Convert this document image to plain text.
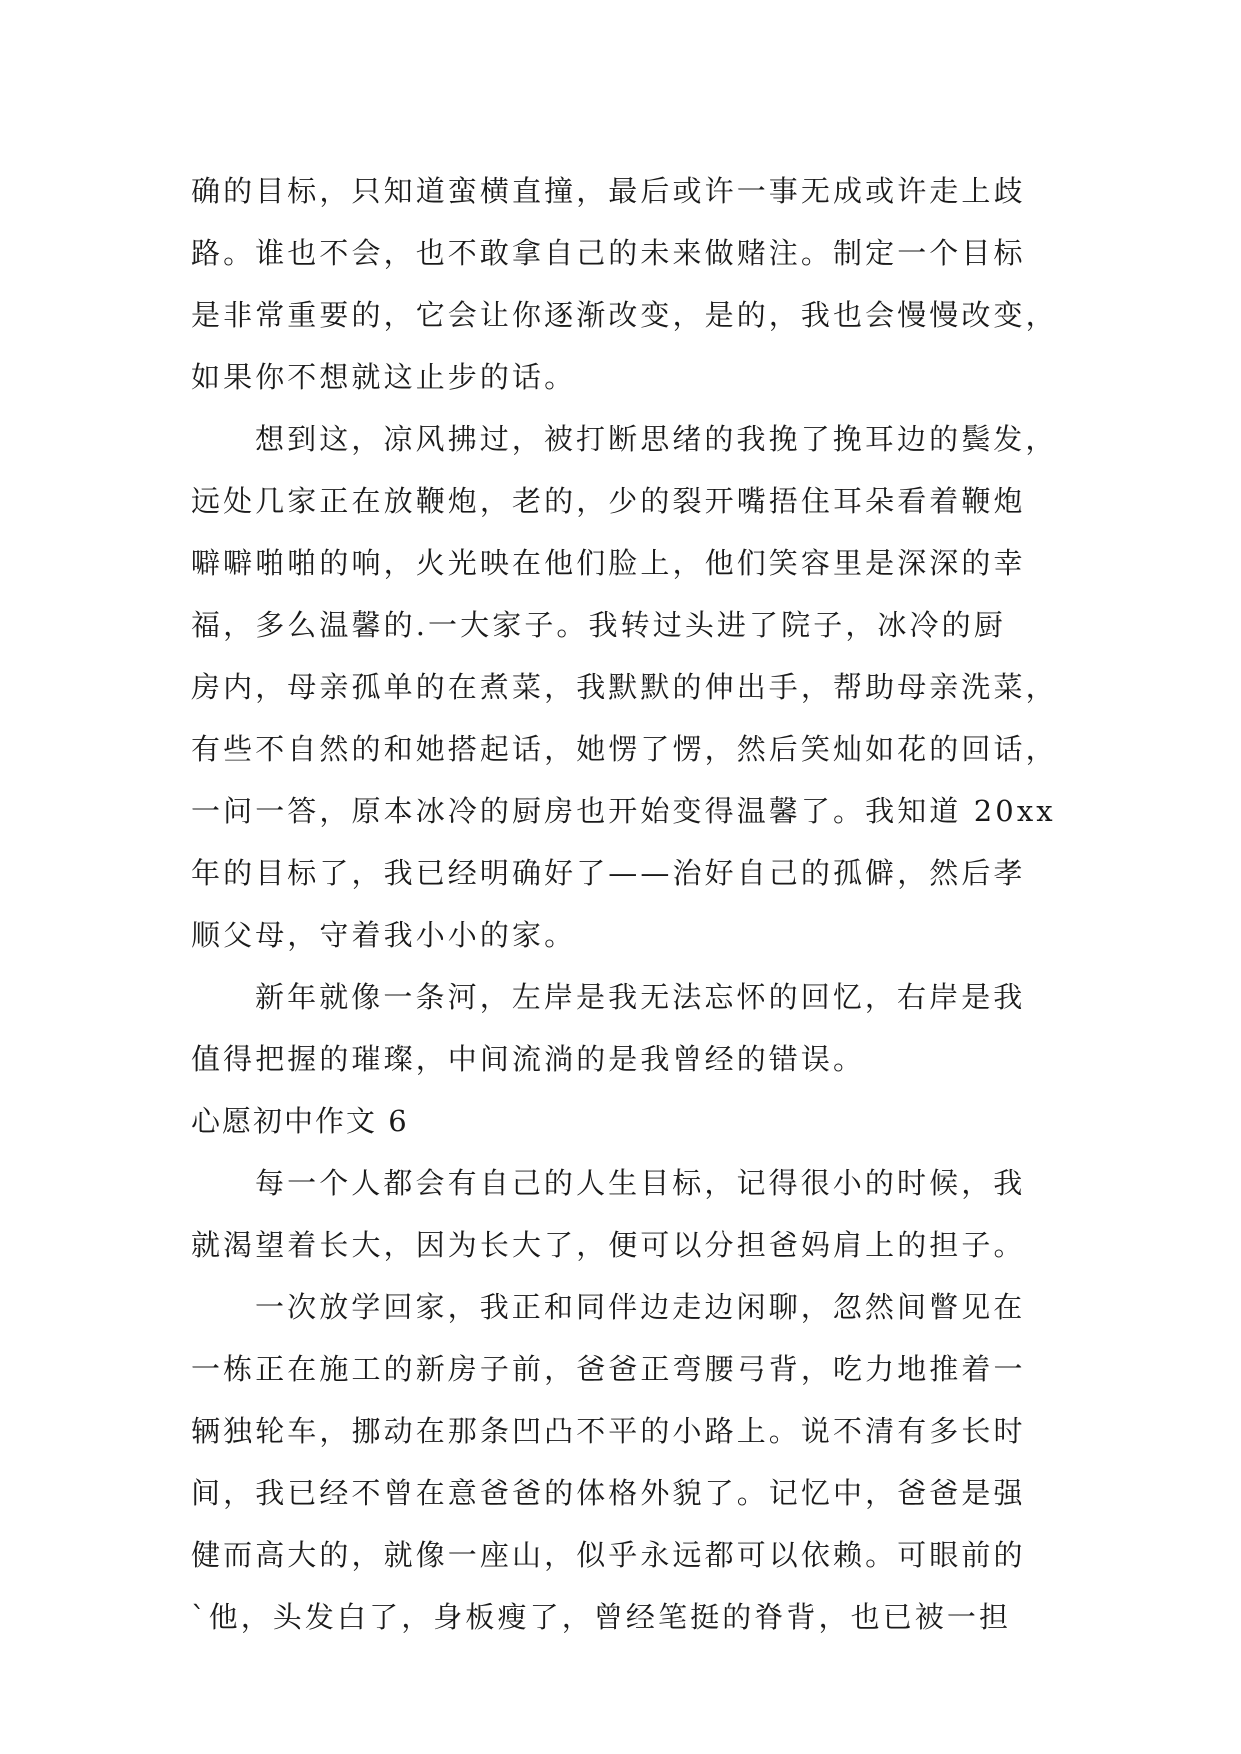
确的目标，只知道蛮横直撞，最后或许一事无成或许走上歧
路。谁也不会，也不敢拿自己的未来做赌注。制定一个目标
是非常重要的，它会让你逐渐改变，是的，我也会慢慢改变，
如果你不想就这止步的话。
想到这，凉风拂过，被打断思绪的我挽了挽耳边的鬓发，
远处几家正在放鞭炮，老的，少的裂开嘴捂住耳朵看着鞭炮
噼噼啪啪的响，火光映在他们脸上，他们笑容里是深深的幸
福，多么温馨的.一大家子。我转过头进了院子，冰冷的厨
房内，母亲孤单的在煮菜，我默默的伸出手，帮助母亲洗菜，
有些不自然的和她搭起话，她愣了愣，然后笑灿如花的回话，
一问一答，原本冰冷的厨房也开始变得温馨了。我知道 20xx
年的目标了，我已经明确好了——治好自己的孤僻，然后孝
顺父母，守着我小小的家。
新年就像一条河，左岸是我无法忘怀的回忆，右岸是我
值得把握的璀璨，中间流淌的是我曾经的错误。
心愿初中作文 6
每一个人都会有自己的人生目标，记得很小的时候，我
就渴望着长大，因为长大了，便可以分担爸妈肩上的担子。
一次放学回家，我正和同伴边走边闲聊，忽然间瞥见在
一栋正在施工的新房子前，爸爸正弯腰弓背，吃力地推着一
辆独轮车，挪动在那条凹凸不平的小路上。说不清有多长时
间，我已经不曾在意爸爸的体格外貌了。记忆中，爸爸是强
健而高大的，就像一座山，似乎永远都可以依赖。可眼前的
`他，头发白了，身板瘦了，曾经笔挺的脊背，也已被一担
